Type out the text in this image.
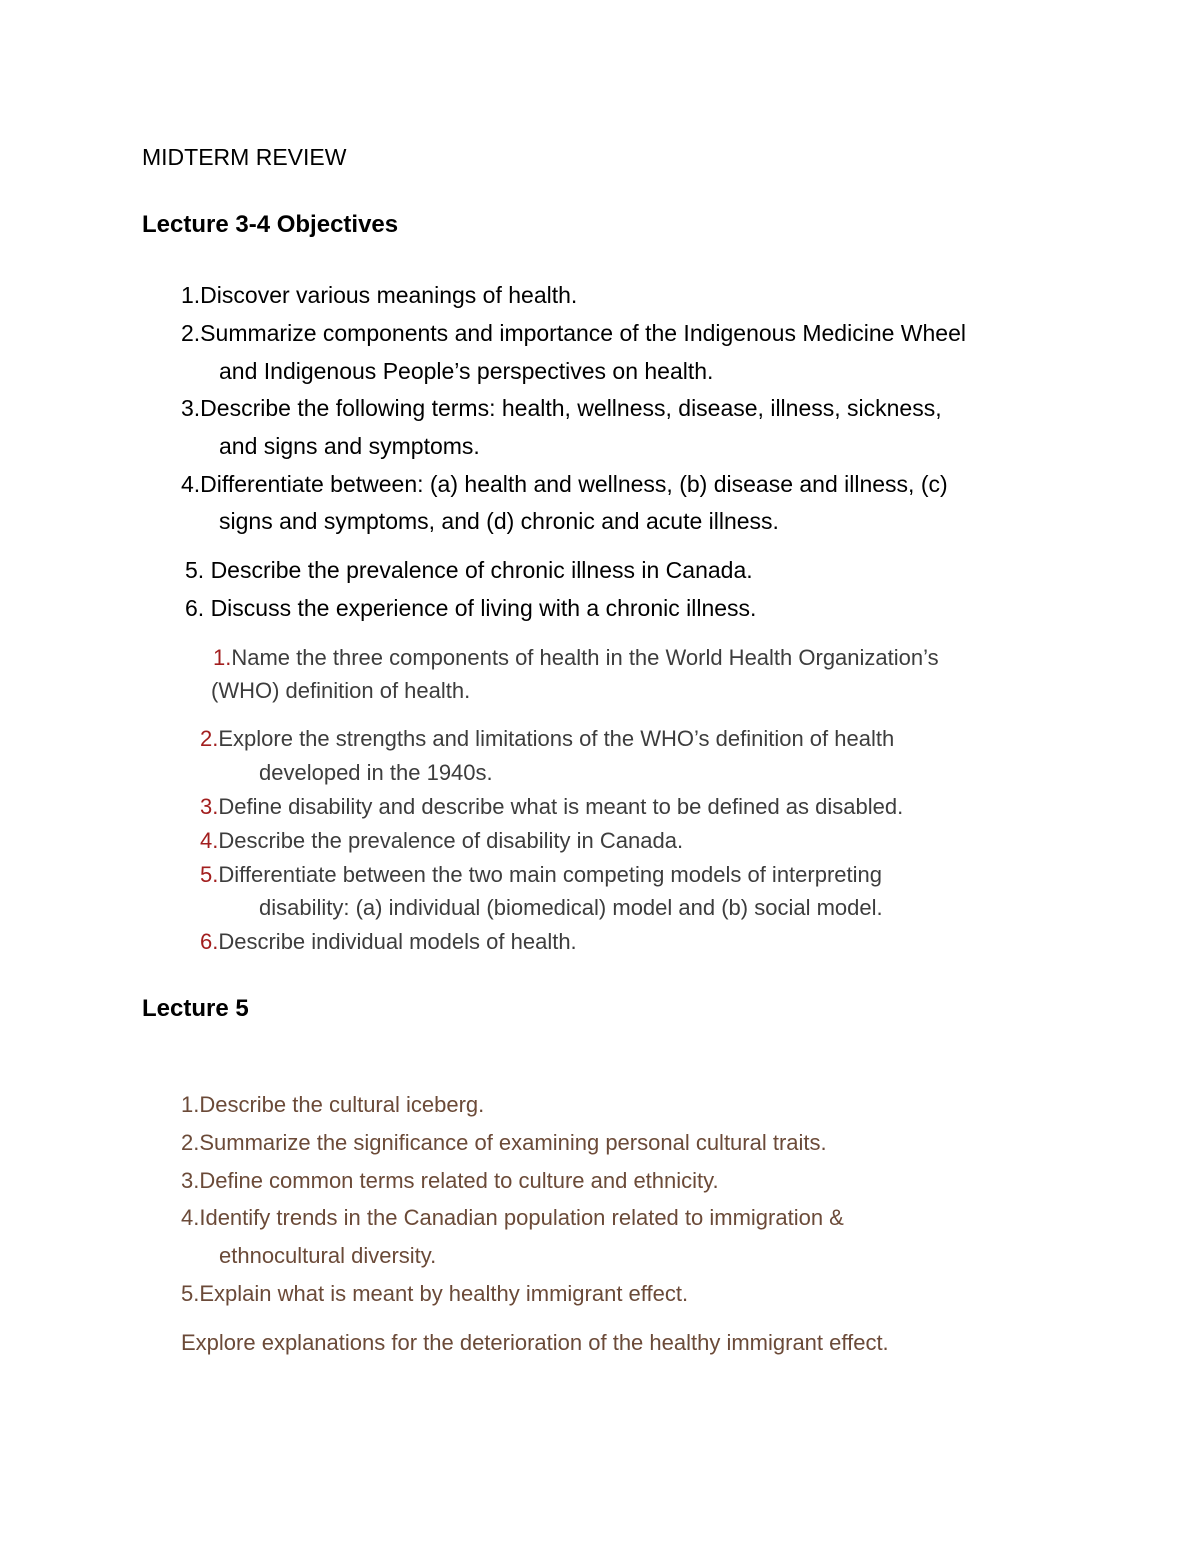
MIDTERM REVIEW
Lecture 3-4 Objectives
1.Discover various meanings of health.
2.Summarize components and importance of the Indigenous Medicine Wheel
and Indigenous People’s perspectives on health.
3.Describe the following terms: health, wellness, disease, illness, sickness,
and signs and symptoms.
4.Differentiate between: (a) health and wellness, (b) disease and illness, (c)
signs and symptoms, and (d) chronic and acute illness.
5. Describe the prevalence of chronic illness in Canada.
6. Discuss the experience of living with a chronic illness.
1.Name the three components of health in the World Health Organization’s
(WHO) definition of health.
2.Explore the strengths and limitations of the WHO’s definition of health
developed in the 1940s.
3.Define disability and describe what is meant to be defined as disabled.
4.Describe the prevalence of disability in Canada.
5.Differentiate between the two main competing models of interpreting
disability: (a) individual (biomedical) model and (b) social model.
6.Describe individual models of health.
Lecture 5
1.Describe the cultural iceberg.
2.Summarize the significance of examining personal cultural traits.
3.Define common terms related to culture and ethnicity.
4.Identify trends in the Canadian population related to immigration &
ethnocultural diversity.
5.Explain what is meant by healthy immigrant effect.
Explore explanations for the deterioration of the healthy immigrant effect.
